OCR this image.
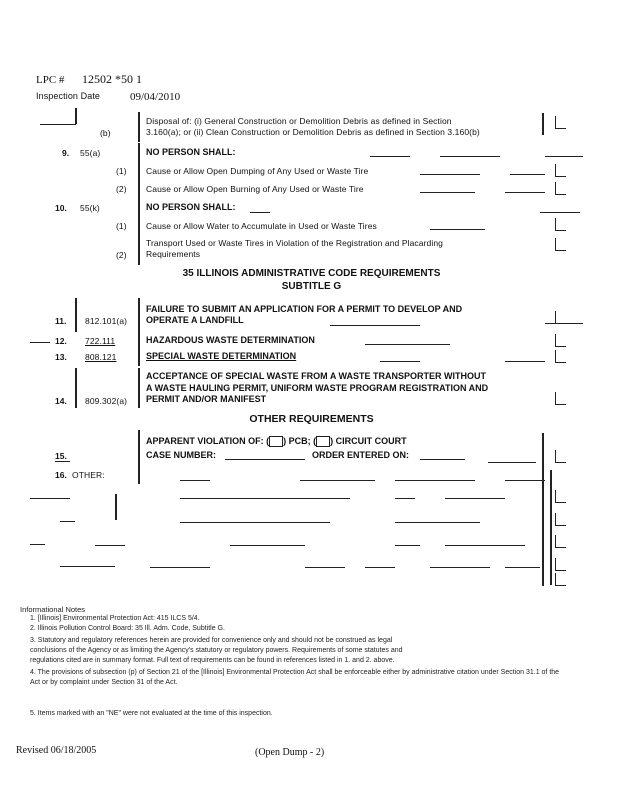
LPC # 12502 *50 1
Inspection Date	09/04/2010
(b)
Disposal of: (i) General Construction or Demolition Debris as defined in Section
3.160(a); or (ii) Clean Construction or Demolition Debris as defined in Section 3.160(b)
9. 55(a)	NO PERSON SHALL:
(1) Cause or Allow Open Dumping of Any Used or Waste Tire
(2) Cause or Allow Open Burning of Any Used or Waste Tire
10. 55(k)	NO PERSON SHALL:
(1) Cause or Allow Water to Accumulate in Used or Waste Tires
Transport Used or Waste Tires in Violation of the Registration and Placarding
(2) Requirements
35 ILLINOIS ADMINISTRATIVE CODE REQUIREMENTS
SUBTITLE G
11. 812.101(a)
FAILURE TO SUBMIT AN APPLICATION FOR A PERMIT TO DEVELOP AND
OPERATE A LANDFILL
12. 722.111	HAZARDOUS WASTE DETERMINATION
13. 808.121	SPECIAL WASTE DETERMINATION
14. 809.302(a)
ACCEPTANCE OF SPECIAL WASTE FROM A WASTE TRANSPORTER WITHOUT
A WASTE HAULING PERMIT, UNIFORM WASTE PROGRAM REGISTRATION AND
PERMIT AND/OR MANIFEST
OTHER REQUIREMENTS
APPARENT VIOLATION OF: ( ) PCB; ( ) CIRCUIT COURT
15.	CASE NUMBER:	ORDER ENTERED ON:
16. OTHER:
Informational Notes
1. [Illinois] Environmental Protection Act: 415 ILCS 5/4.
2. Illinois Pollution Control Board: 35 Ill. Adm. Code, Subtitle G.
3. Statutory and regulatory references herein are provided for convenience only and should not be construed as legal
conclusions of the Agency or as limiting the Agency's statutory or regulatory powers. Requirements of some statutes and
regulations cited are in summary format. Full text of requirements can be found in references listed in 1. and 2. above.
4. The provisions of subsection (p) of Section 21 of the [Illinois] Environmental Protection Act shall be enforceable either by administrative citation under Section 31.1 of the Act or by complaint under Section 31 of the Act.
5. Items marked with an "NE" were not evaluated at the time of this inspection.
Revised 06/18/2005	(Open Dump - 2)
